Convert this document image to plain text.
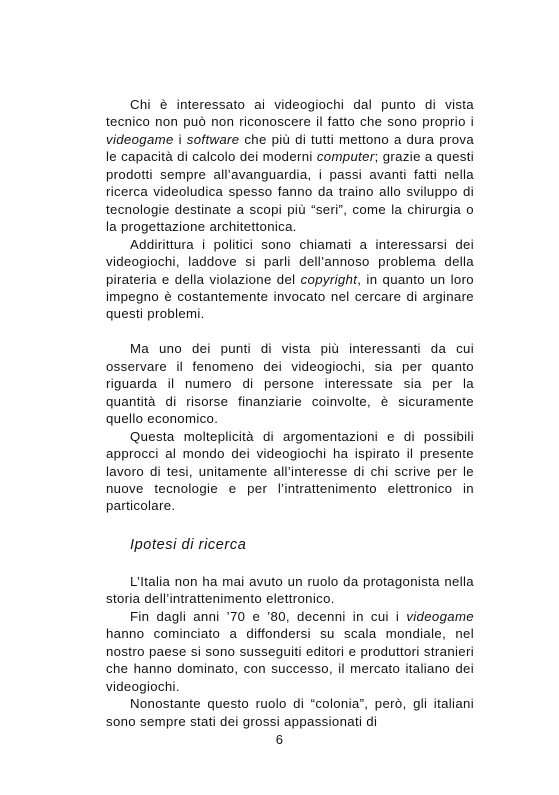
Chi è interessato ai videogiochi dal punto di vista tecnico non può non riconoscere il fatto che sono proprio i videogame i software che più di tutti mettono a dura prova le capacità di calcolo dei moderni computer; grazie a questi prodotti sempre all’avanguardia, i passi avanti fatti nella ricerca videoludica spesso fanno da traino allo sviluppo di tecnologie destinate a scopi più “seri”, come la chirurgia o la progettazione architettonica.

Addirittura i politici sono chiamati a interessarsi dei videogiochi, laddove si parli dell’annoso problema della pirateria e della violazione del copyright, in quanto un loro impegno è costantemente invocato nel cercare di arginare questi problemi.

Ma uno dei punti di vista più interessanti da cui osservare il fenomeno dei videogiochi, sia per quanto riguarda il numero di persone interessate sia per la quantità di risorse finanziarie coinvolte, è sicuramente quello economico.

Questa molteplicità di argomentazioni e di possibili approcci al mondo dei videogiochi ha ispirato il presente lavoro di tesi, unitamente all’interesse di chi scrive per le nuove tecnologie e per l’intrattenimento elettronico in particolare.

Ipotesi di ricerca

L’Italia non ha mai avuto un ruolo da protagonista nella storia dell’intrattenimento elettronico.

Fin dagli anni ’70 e ’80, decenni in cui i videogame hanno cominciato a diffondersi su scala mondiale, nel nostro paese si sono susseguiti editori e produttori stranieri che hanno dominato, con successo, il mercato italiano dei videogiochi.

Nonostante questo ruolo di “colonia”, però, gli italiani sono sempre stati dei grossi appassionati di

6
